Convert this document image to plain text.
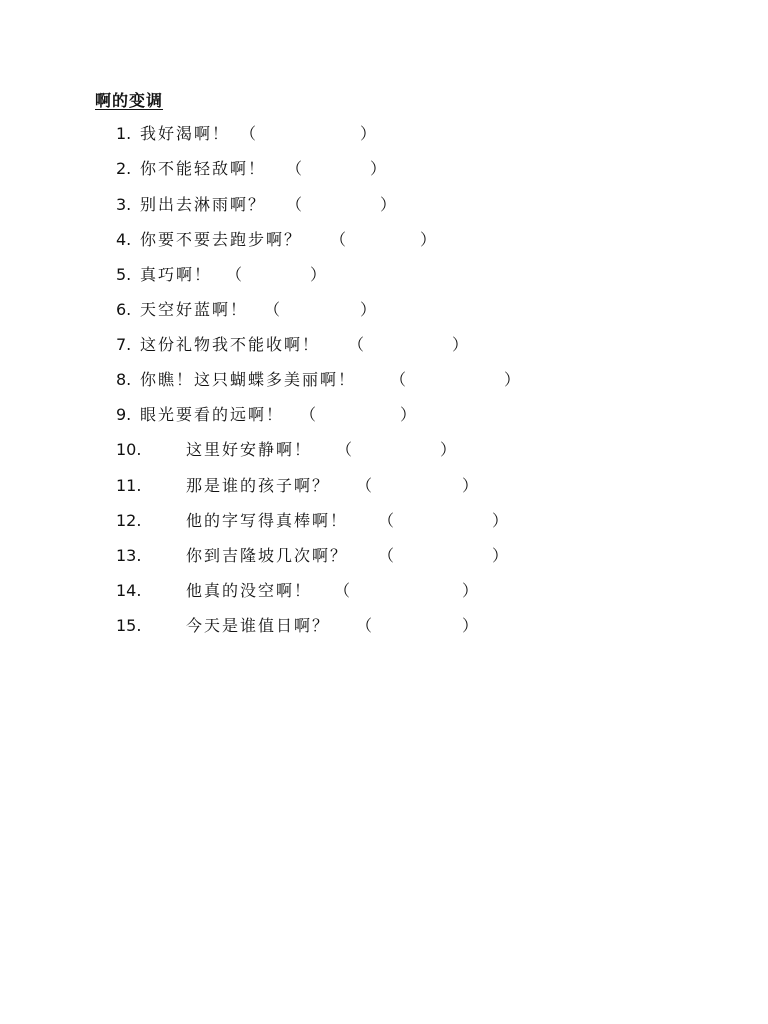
啊的变调
1. 我好渴啊！ （	）
2. 你不能轻敌啊！ （	）
3. 别出去淋雨啊？ （	）
4. 你要不要去跑步啊？ （	）
5. 真巧啊！ （	）
6. 天空好蓝啊！ （	）
7. 这份礼物我不能收啊！ （	）
8. 你瞧！这只蝴蝶多美丽啊！ （	）
9. 眼光要看的远啊！ （	）
10.	这里好安静啊！ （	）
11.	那是谁的孩子啊？ （	）
12.	他的字写得真棒啊！ （	）
13.	你到吉隆坡几次啊？ （	）
14.	他真的没空啊！ （	）
15.	今天是谁值日啊？ （	）
